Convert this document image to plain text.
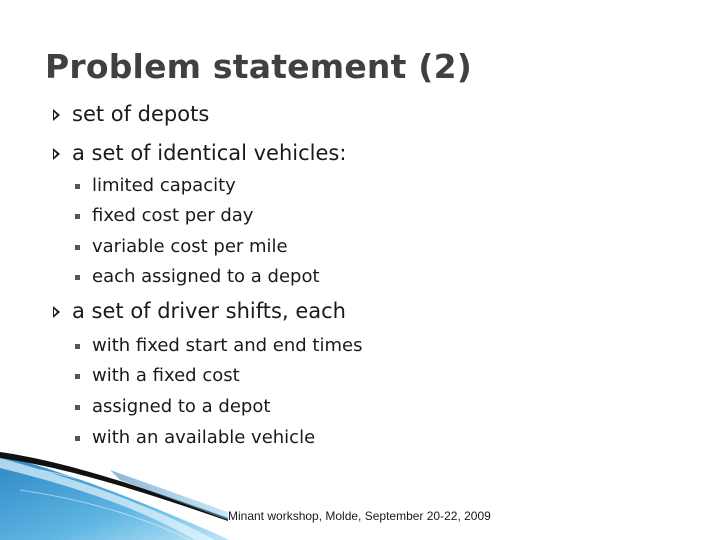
Problem statement (2)
set of depots
a set of identical vehicles:
limited capacity
fixed cost per day
variable cost per mile
each assigned to a depot
a set of driver shifts, each
with fixed start and end times
with a fixed cost
assigned to a depot
with an available vehicle
Minant workshop, Molde, September 20-22, 2009
